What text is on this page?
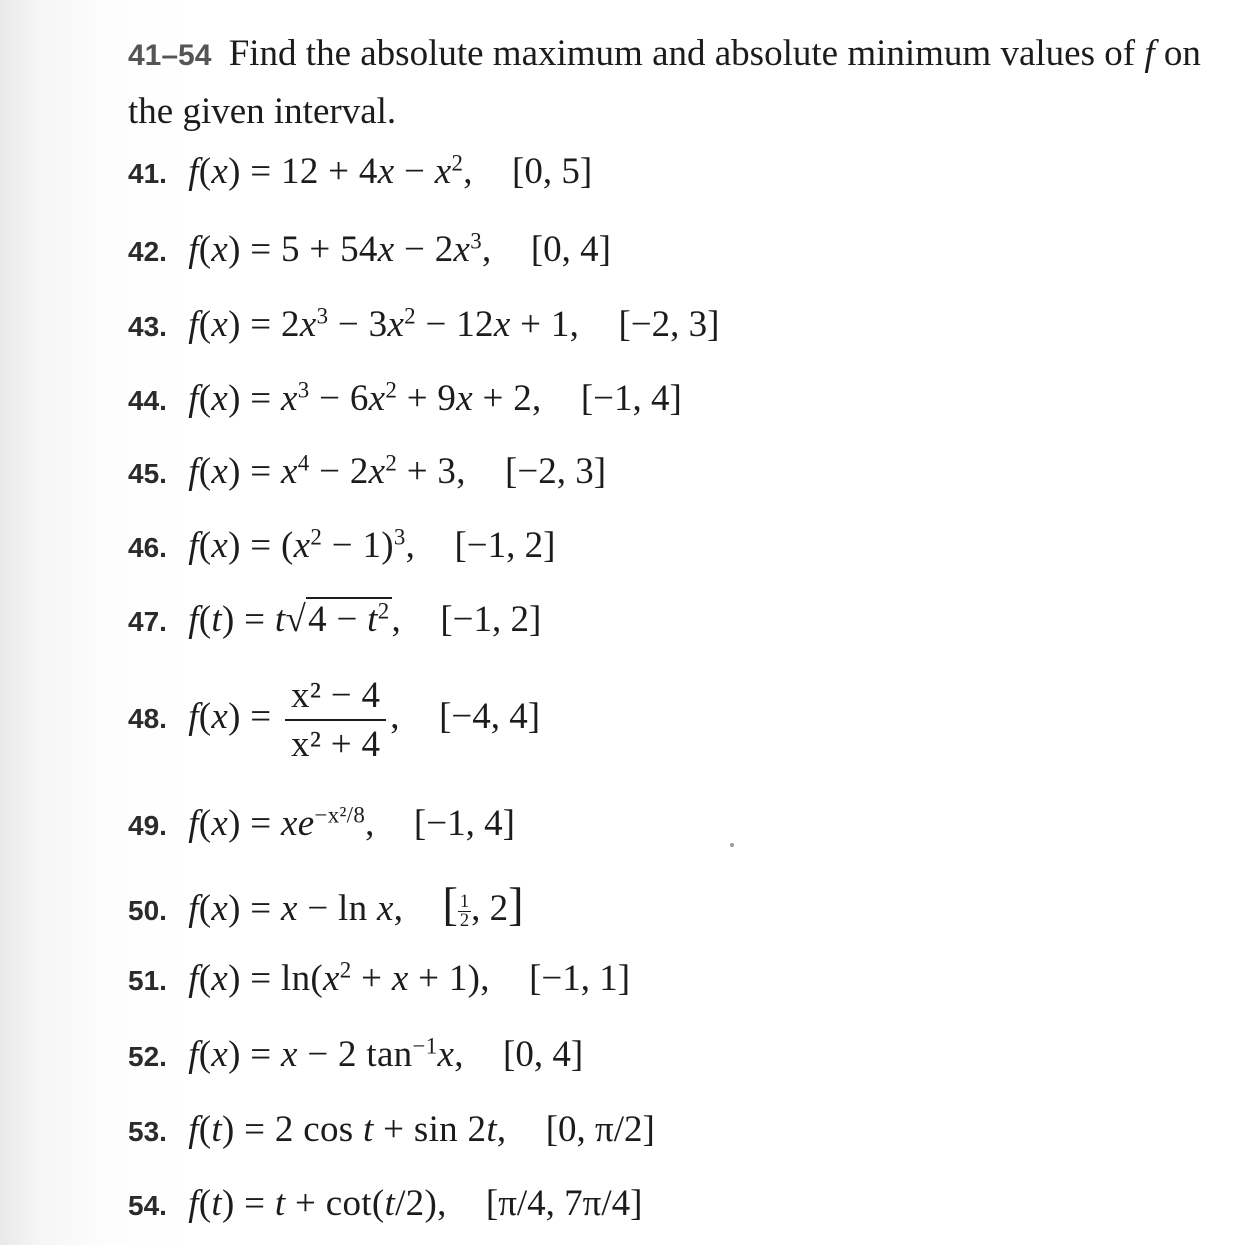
41–54 Find the absolute maximum and absolute minimum values of f on the given interval.
41. $f(x) = 12 + 4x - x^2$, [0, 5]
42. $f(x) = 5 + 54x - 2x^3$, [0, 4]
43. $f(x) = 2x^3 - 3x^2 - 12x + 1$, [−2, 3]
44. $f(x) = x^3 - 6x^2 + 9x + 2$, [−1, 4]
45. $f(x) = x^4 - 2x^2 + 3$, [−2, 3]
46. $f(x) = (x^2 - 1)^3$, [−1, 2]
47. $f(t) = t√4 - t^2$, [−1, 2]
48. $f(x) = \frac{\text{x² − 4}}{\text{x² + 4}}$ , [−4, 4]
49. $f(x) = xe^{-x^2/8}$, [−1, 4]
50. f(x) = x − ln x, [ $\frac{1}{2}$ , 2]
51. $f(x) = \ln(x^2 + x + 1)$, [−1, 1]
52. f(x) = x − 2 $\tan^{-1}x$, [0, 4]
53. f(t) = 2 cos t + sin 2t, [0, π/2]
54. f(t) = t + cot(t/2), [π/4, 7π/4]
